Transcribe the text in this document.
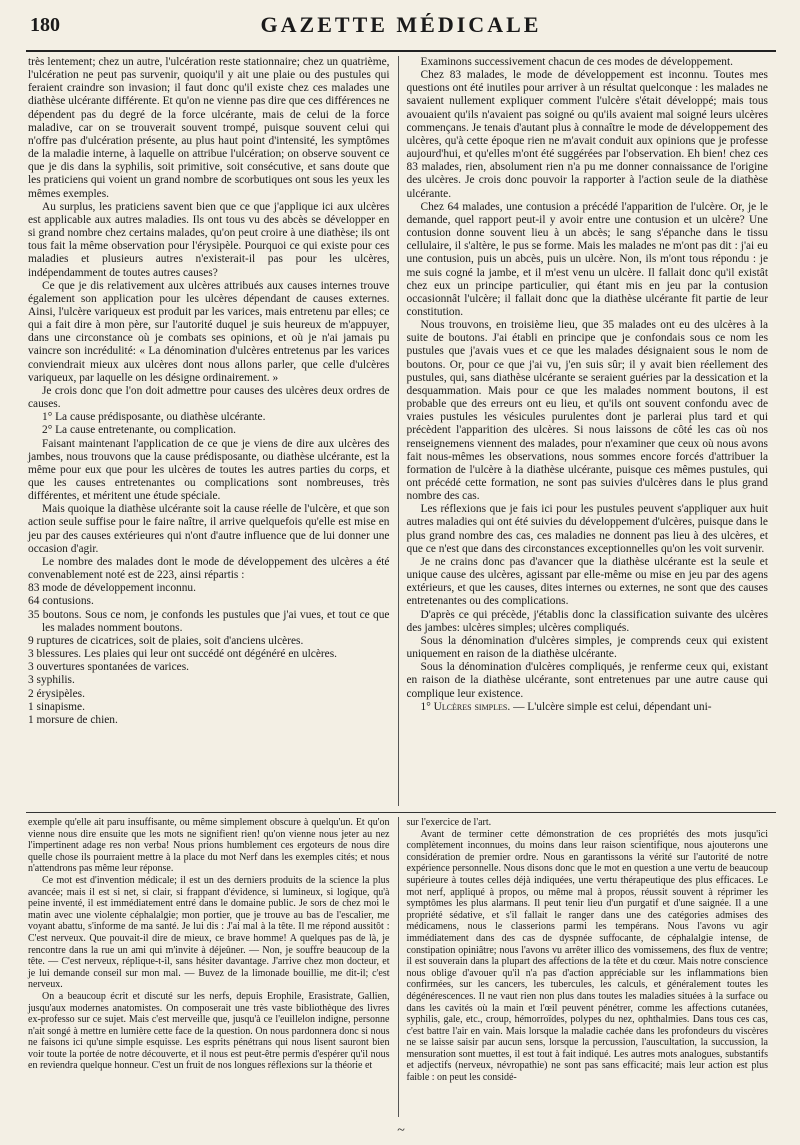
180	GAZETTE MÉDICALE

très lentement; chez un autre, l'ulcération reste stationnaire; chez un quatrième, l'ulcération ne peut pas survenir, quoiqu'il y ait une plaie ou des pustules qui feraient craindre son invasion; il faut donc qu'il existe chez ces malades une diathèse ulcérante différente. Et qu'on ne vienne pas dire que ces différences ne dépendent pas du degré de la force ulcérante, mais de celui de la force maladive, car on se trouverait souvent trompé, puisque souvent celui qui n'offre pas d'ulcération présente, au plus haut point d'intensité, les symptômes de la maladie interne, à laquelle on attribue l'ulcération; on observe souvent ce que je dis dans la syphilis, soit primitive, soit consécutive, et sans doute que les praticiens qui voient un grand nombre de scorbutiques ont sous les yeux les mêmes exemples.

Au surplus, les praticiens savent bien que ce que j'applique ici aux ulcères est applicable aux autres maladies. Ils ont tous vu des abcès se développer en si grand nombre chez certains malades, qu'on peut croire à une diathèse; ils ont tous fait la même observation pour l'érysipèle. Pourquoi ce qui existe pour ces maladies et plusieurs autres n'existerait-il pas pour les ulcères, indépendamment de toutes autres causes?

Ce que je dis relativement aux ulcères attribués aux causes internes trouve également son application pour les ulcères dépendant de causes externes. Ainsi, l'ulcère variqueux est produit par les varices, mais entretenu par elles; ce qui a fait dire à mon père, sur l'autorité duquel je suis heureux de m'appuyer, dans une circonstance où je combats ses opinions, et où je n'ai jamais pu vaincre son incrédulité: « La dénomination d'ulcères entretenus par les varices conviendrait mieux aux ulcères dont nous allons parler, que celle d'ulcères variqueux, par laquelle on les désigne ordinairement. »

Je crois donc que l'on doit admettre pour causes des ulcères deux ordres de causes.

1° La cause prédisposante, ou diathèse ulcérante.

2° La cause entretenante, ou complication.

Faisant maintenant l'application de ce que je viens de dire aux ulcères des jambes, nous trouvons que la cause prédisposante, ou diathèse ulcérante, est la même pour eux que pour les ulcères de toutes les autres parties du corps, et que les causes entretenantes ou complications sont nombreuses, très différentes, et méritent une étude spéciale.

Mais quoique la diathèse ulcérante soit la cause réelle de l'ulcère, et que son action seule suffise pour le faire naître, il arrive quelquefois qu'elle est mise en jeu par des causes extérieures qui n'ont d'autre influence que de lui donner une occasion d'agir.

Le nombre des malades dont le mode de développement des ulcères a été convenablement noté est de 223, ainsi répartis :

83 mode de développement inconnu.
64 contusions.
35 boutons. Sous ce nom, je confonds les pustules que j'ai vues, et tout ce que les malades nomment boutons.
9 ruptures de cicatrices, soit de plaies, soit d'anciens ulcères.
3 blessures. Les plaies qui leur ont succédé ont dégénéré en ulcères.
3 ouvertures spontanées de varices.
3 syphilis.
2 érysipèles.
1 sinapisme.
1 morsure de chien.

Examinons successivement chacun de ces modes de développement.

Chez 83 malades, le mode de développement est inconnu. Toutes mes questions ont été inutiles pour arriver à un résultat quelconque : les malades ne savaient nullement expliquer comment l'ulcère s'était développé; mais tous avouaient qu'ils n'avaient pas soigné ou qu'ils avaient mal soigné leurs ulcères commençans. Je tenais d'autant plus à connaître le mode de développement des ulcères, qu'à cette époque rien ne m'avait conduit aux opinions que je professe aujourd'hui, et qu'elles m'ont été suggérées par l'observation. Eh bien! chez ces 83 malades, rien, absolument rien n'a pu me donner connaissance de l'origine des ulcères. Je crois donc pouvoir la rapporter à l'action seule de la diathèse ulcérante.

Chez 64 malades, une contusion a précédé l'apparition de l'ulcère. Or, je le demande, quel rapport peut-il y avoir entre une contusion et un ulcère? Une contusion donne souvent lieu à un abcès; le sang s'épanche dans le tissu cellulaire, il s'altère, le pus se forme. Mais les malades ne m'ont pas dit : j'ai eu une contusion, puis un abcès, puis un ulcère. Non, ils m'ont tous répondu : je me suis cogné la jambe, et il m'est venu un ulcère. Il fallait donc qu'il existât chez eux un principe particulier, qui étant mis en jeu par la contusion occasionnât l'ulcère; il fallait donc que la diathèse ulcérante fit partie de leur constitution.

Nous trouvons, en troisième lieu, que 35 malades ont eu des ulcères à la suite de boutons. J'ai établi en principe que je confondais sous ce nom les pustules que j'avais vues et ce que les malades désignaient sous le nom de boutons. Or, pour ce que j'ai vu, j'en suis sûr; il y avait bien réellement des pustules, qui, sans diathèse ulcérante se seraient guéries par la dessication et la desquammation. Mais pour ce que les malades nomment boutons, il est probable que des erreurs ont eu lieu, et qu'ils ont souvent confondu avec de vraies pustules les vésicules purulentes dont je parlerai plus tard et qui précèdent l'apparition des ulcères. Si nous laissons de côté les cas où nos renseignemens viennent des malades, pour n'examiner que ceux où nous avons fait nous-mêmes les observations, nous sommes encore forcés d'attribuer la formation de l'ulcère à la diathèse ulcérante, puisque ces mêmes pustules, qui ont précédé cette formation, ne sont pas suivies d'ulcères dans le plus grand nombre des cas.

Les réflexions que je fais ici pour les pustules peuvent s'appliquer aux huit autres maladies qui ont été suivies du développement d'ulcères, puisque dans le plus grand nombre des cas, ces maladies ne donnent pas lieu à des ulcères, et que ce n'est que dans des circonstances exceptionnelles qu'on les voit survenir.

Je ne crains donc pas d'avancer que la diathèse ulcérante est la seule et unique cause des ulcères, agissant par elle-même ou mise en jeu par des agens extérieurs, et que les causes, dites internes ou externes, ne sont que des causes entretenantes ou des complications.

D'après ce qui précède, j'établis donc la classification suivante des ulcères des jambes: ulcères simples; ulcères compliqués.

Sous la dénomination d'ulcères simples, je comprends ceux qui existent uniquement en raison de la diathèse ulcérante.

Sous la dénomination d'ulcères compliqués, je renferme ceux qui, existant en raison de la diathèse ulcérante, sont entretenues par une autre cause qui complique leur existence.

1° Ulcères simples. — L'ulcère simple est celui, dépendant uni-

exemple qu'elle ait paru insuffisante, ou même simplement obscure à quelqu'un. Et qu'on vienne nous dire ensuite que les mots ne signifient rien! qu'on vienne nous jeter au nez l'impertinent adage res non verba! Nous prions humblement ces ergoteurs de nous dire quelle chose ils pourraient mettre à la place du mot Nerf dans les exemples cités; et nous n'attendrons pas même leur réponse.

Ce mot est d'invention médicale; il est un des derniers produits de la science la plus avancée; mais il est si net, si clair, si frappant d'évidence, si lumineux, si logique, qu'à peine inventé, il est immédiatement entré dans le domaine public. Je sors de chez moi le matin avec une violente céphalalgie; mon portier, que je trouve au bas de l'escalier, me voyant abattu, s'informe de ma santé. Je lui dis : J'ai mal à la tête. Il me répond aussitôt : C'est nerveux. Que pouvait-il dire de mieux, ce brave homme! A quelques pas de là, je rencontre dans la rue un ami qui m'invite à déjeûner. — Non, je souffre beaucoup de la tête. — C'est nerveux, réplique-t-il, sans hésiter davantage. J'arrive chez mon docteur, et je lui demande conseil sur mon mal. — Buvez de la limonade bouillie, me dit-il; c'est nerveux.

On a beaucoup écrit et discuté sur les nerfs, depuis Erophile, Erasistrate, Gallien, jusqu'aux modernes anatomistes. On composerait une très vaste bibliothèque des livres ex-professo sur ce sujet. Mais c'est merveille que, jusqu'à ce l'euillelon indigne, personne n'ait songé à mettre en lumière cette face de la question. On nous pardonnera donc si nous ne faisons ici qu'une simple esquisse. Les esprits pénétrans qui nous lisent sauront bien voir toute la portée de notre découverte, et il nous est peut-être permis d'espérer qu'il nous en reviendra quelque honneur. C'est un fruit de nos longues réflexions sur la théorie et

sur l'exercice de l'art.

Avant de terminer cette démonstration de ces propriétés des mots jusqu'ici complètement inconnues, du moins dans leur raison scientifique, nous ajouterons une considération de premier ordre. Nous en garantissons la vérité sur l'autorité de notre expérience personnelle. Nous disons donc que le mot en question a une vertu de beaucoup supérieure à toutes celles déjà indiquées, une vertu thérapeutique des plus efficaces. Le mot nerf, appliqué à propos, ou même mal à propos, réussit souvent à réprimer les symptômes les plus alarmans. Il peut tenir lieu d'un purgatif et d'une saignée. Il a une propriété sédative, et s'il fallait le ranger dans une des catégories admises des médicamens, nous le classerions parmi les tempérans. Nous l'avons vu agir immédiatement dans des cas de dyspnée suffocante, de céphalalgie intense, de constipation opiniâtre; nous l'avons vu arrêter illico des vomissemens, des flux de ventre; il est souverain dans la plupart des affections de la tête et du cœur. Mais notre conscience nous oblige d'avouer qu'il n'a pas d'action appréciable sur les inflammations bien confirmées, sur les cancers, les tubercules, les calculs, et généralement toutes les dégénérescences. Il ne vaut rien non plus dans toutes les maladies situées à la surface ou dans les cavités où la main et l'œil peuvent pénétrer, comme les affections cutanées, syphilis, gale, etc., croup, hémorroïdes, polypes du nez, ophthalmies. Dans tous ces cas, c'est battre l'air en vain. Mais lorsque la maladie cachée dans les profondeurs du viscères ne se laisse saisir par aucun sens, lorsque la percussion, l'auscultation, la succussion, la mensuration sont muettes, il est tout à fait indiqué. Les autres mots analogues, substantifs et adjectifs (nerveux, névropathie) ne sont pas sans efficacité; mais leur action est plus faible : on peut les considé-

~
